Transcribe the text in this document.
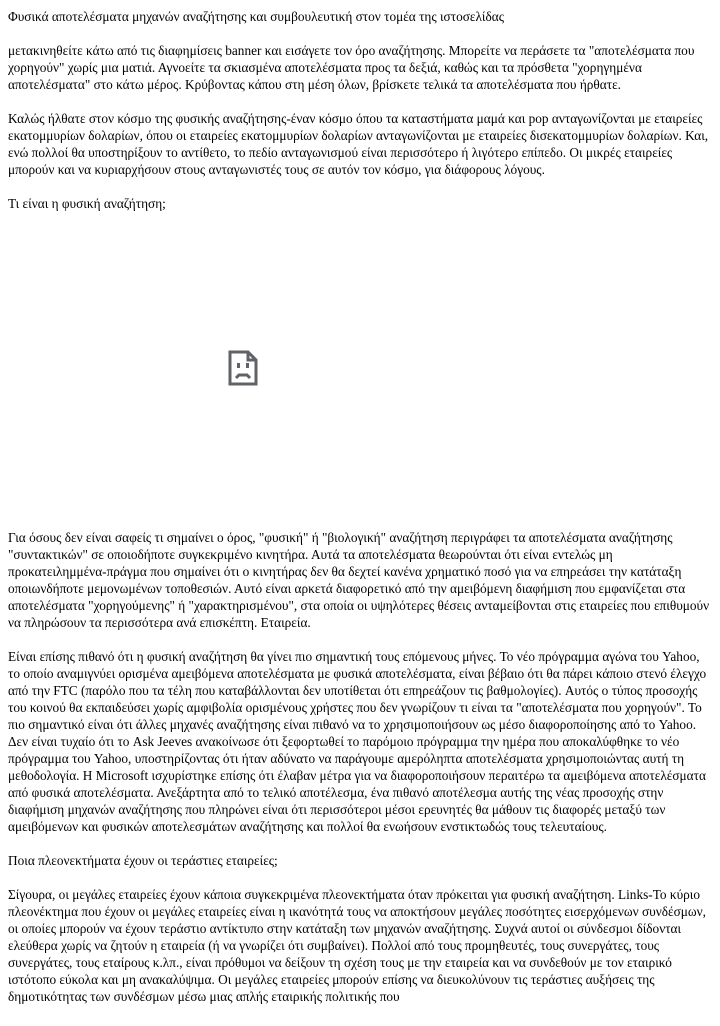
Φυσικά αποτελέσματα μηχανών αναζήτησης και συμβουλευτική στον τομέα της ιστοσελίδας

μετακινηθείτε κάτω από τις διαφημίσεις banner και εισάγετε τον όρο αναζήτησης. Μπορείτε να περάσετε τα "αποτελέσματα που χορηγούν" χωρίς μια ματιά. Αγνοείτε τα σκιασμένα αποτελέσματα προς τα δεξιά, καθώς και τα πρόσθετα "χορηγημένα αποτελέσματα" στο κάτω μέρος. Κρύβοντας κάπου στη μέση όλων, βρίσκετε τελικά τα αποτελέσματα που ήρθατε.

Καλώς ήλθατε στον κόσμο της φυσικής αναζήτησης-έναν κόσμο όπου τα καταστήματα μαμά και pop ανταγωνίζονται με εταιρείες εκατομμυρίων δολαρίων, όπου οι εταιρείες εκατομμυρίων δολαρίων ανταγωνίζονται με εταιρείες δισεκατομμυρίων δολαρίων. Και, ενώ πολλοί θα υποστηρίξουν το αντίθετο, το πεδίο ανταγωνισμού είναι περισσότερο ή λιγότερο επίπεδο. Οι μικρές εταιρείες μπορούν και να κυριαρχήσουν στους ανταγωνιστές τους σε αυτόν τον κόσμο, για διάφορους λόγους.

Τι είναι η φυσική αναζήτηση;

Για όσους δεν είναι σαφείς τι σημαίνει ο όρος, "φυσική" ή "βιολογική" αναζήτηση περιγράφει τα αποτελέσματα αναζήτησης "συντακτικών" σε οποιοδήποτε συγκεκριμένο κινητήρα. Αυτά τα αποτελέσματα θεωρούνται ότι είναι εντελώς μη προκατειλημμένα-πράγμα που σημαίνει ότι ο κινητήρας δεν θα δεχτεί κανένα χρηματικό ποσό για να επηρεάσει την κατάταξη οποιωνδήποτε μεμονωμένων τοποθεσιών. Αυτό είναι αρκετά διαφορετικό από την αμειβόμενη διαφήμιση που εμφανίζεται στα αποτελέσματα "χορηγούμενης" ή "χαρακτηρισμένου", στα οποία οι υψηλότερες θέσεις ανταμείβονται στις εταιρείες που επιθυμούν να πληρώσουν τα περισσότερα ανά επισκέπτη. Εταιρεία.

Είναι επίσης πιθανό ότι η φυσική αναζήτηση θα γίνει πιο σημαντική τους επόμενους μήνες. Το νέο πρόγραμμα αγώνα του Yahoo, το οποίο αναμιγνύει ορισμένα αμειβόμενα αποτελέσματα με φυσικά αποτελέσματα, είναι βέβαιο ότι θα πάρει κάποιο στενό έλεγχο από την FTC (παρόλο που τα τέλη που καταβάλλονται δεν υποτίθεται ότι επηρεάζουν τις βαθμολογίες). Αυτός ο τύπος προσοχής του κοινού θα εκπαιδεύσει χωρίς αμφιβολία ορισμένους χρήστες που δεν γνωρίζουν τι είναι τα "αποτελέσματα που χορηγούν". Το πιο σημαντικό είναι ότι άλλες μηχανές αναζήτησης είναι πιθανό να το χρησιμοποιήσουν ως μέσο διαφοροποίησης από το Yahoo. Δεν είναι τυχαίο ότι το Ask Jeeves ανακοίνωσε ότι ξεφορτωθεί το παρόμοιο πρόγραμμα την ημέρα που αποκαλύφθηκε το νέο πρόγραμμα του Yahoo, υποστηρίζοντας ότι ήταν αδύνατο να παράγουμε αμερόληπτα αποτελέσματα χρησιμοποιώντας αυτή τη μεθοδολογία. Η Microsoft ισχυρίστηκε επίσης ότι έλαβαν μέτρα για να διαφοροποιήσουν περαιτέρω τα αμειβόμενα αποτελέσματα από φυσικά αποτελέσματα. Ανεξάρτητα από το τελικό αποτέλεσμα, ένα πιθανό αποτέλεσμα αυτής της νέας προσοχής στην διαφήμιση μηχανών αναζήτησης που πληρώνει είναι ότι περισσότεροι μέσοι ερευνητές θα μάθουν τις διαφορές μεταξύ των αμειβόμενων και φυσικών αποτελεσμάτων αναζήτησης και πολλοί θα ενωήσουν ενστικτωδώς τους τελευταίους.

Ποια πλεονεκτήματα έχουν οι τεράστιες εταιρείες;

Σίγουρα, οι μεγάλες εταιρείες έχουν κάποια συγκεκριμένα πλεονεκτήματα όταν πρόκειται για φυσική αναζήτηση. Links-Το κύριο πλεονέκτημα που έχουν οι μεγάλες εταιρείες είναι η ικανότητά τους να αποκτήσουν μεγάλες ποσότητες εισερχόμενων συνδέσμων, οι οποίες μπορούν να έχουν τεράστιο αντίκτυπο στην κατάταξη των μηχανών αναζήτησης. Συχνά αυτοί οι σύνδεσμοι δίδονται ελεύθερα χωρίς να ζητούν η εταιρεία (ή να γνωρίζει ότι συμβαίνει). Πολλοί από τους προμηθευτές, τους συνεργάτες, τους συνεργάτες, τους εταίρους κ.λπ., είναι πρόθυμοι να δείξουν τη σχέση τους με την εταιρεία και να συνδεθούν με τον εταιρικό ιστότοπο εύκολα και μη ανακαλύψιμα. Οι μεγάλες εταιρείες μπορούν επίσης να διευκολύνουν τις τεράστιες αυξήσεις της δημοτικότητας των συνδέσμων μέσω μιας απλής εταιρικής πολιτικής που
